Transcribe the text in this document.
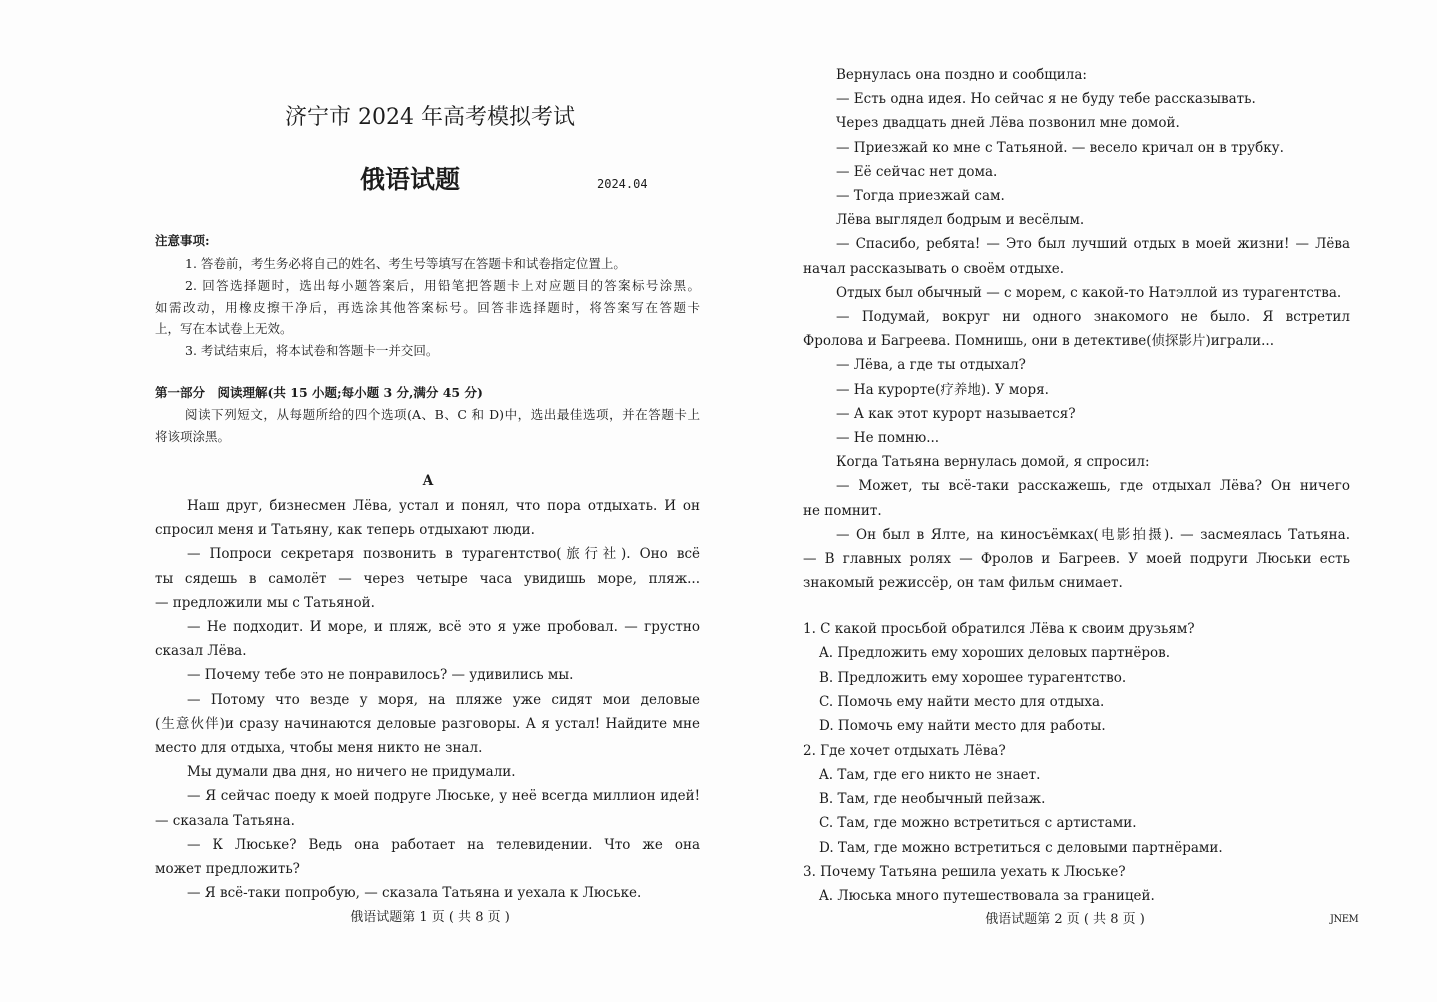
济宁市 2024 年高考模拟考试
俄语试题	2024.04
注意事项:
第一部分　阅读理解(共 15 小题;每小题 3 分,满分 45 分)
A
俄语试题第 1 页 ( 共 8 页 )	俄语试题第 2 页 ( 共 8 页 )	JNEM
1. 答卷前，考生务必将自己的姓名、考生号等填写在答题卡和试卷指定位置上。
2. 回答选择题时，选出每小题答案后，用铅笔把答题卡上对应题目的答案标号涂黑。
如需改动，用橡皮擦干净后，再选涂其他答案标号。回答非选择题时，将答案写在答题卡
上，写在本试卷上无效。
3. 考试结束后，将本试卷和答题卡一并交回。
阅读下列短文，从每题所给的四个选项(A、B、C 和 D)中，选出最佳选项，并在答题卡上
将该项涂黑。
Наш друг, бизнесмен Лёва, устал и понял, что пора отдыхать. И он
спросил меня и Татьяну, как теперь отдыхают люди.
— Попроси секретаря позвонить в турагентство(旅行社). Оно всё
ты сядешь в самолёт — через четыре часа увидишь море, пляж...
— предложили мы с Татьяной.
— Не подходит. И море, и пляж, всё это я уже пробовал. — грустно
сказал Лёва.
— Почему тебе это не понравилось? — удивились мы.
— Потому что везде у моря, на пляже уже сидят мои деловые
(生意伙伴)и сразу начинаются деловые разговоры. А я устал! Найдите мне
место для отдыха, чтобы меня никто не знал.
Мы думали два дня, но ничего не придумали.
— Я сейчас поеду к моей подруге Люське, у неё всегда миллион идей!
— сказала Татьяна.
— К Люське? Ведь она работает на телевидении. Что же она
может предложить?
— Я всё-таки попробую, — сказала Татьяна и уехала к Люське.
Вернулась она поздно и сообщила:
— Есть одна идея. Но сейчас я не буду тебе рассказывать.
Через двадцать дней Лёва позвонил мне домой.
— Приезжай ко мне с Татьяной. — весело кричал он в трубку.
— Её сейчас нет дома.
— Тогда приезжай сам.
Лёва выглядел бодрым и весёлым.
— Спасибо, ребята! — Это был лучший отдых в моей жизни! — Лёва
начал рассказывать о своём отдыхе.
Отдых был обычный — с морем, с какой-то Натэллой из турагентства.
— Подумай, вокруг ни одного знакомого не было. Я встретил
Фролова и Багреева. Помнишь, они в детективе(侦探影片)играли...
— Лёва, а где ты отдыхал?
— На курорте(疗养地). У моря.
— А как этот курорт называется?
— Не помню...
Когда Татьяна вернулась домой, я спросил:
— Может, ты всё-таки расскажешь, где отдыхал Лёва? Он ничего
не помнит.
— Он был в Ялте, на киносъёмках(电影拍摄). — засмеялась Татьяна.
— В главных ролях — Фролов и Багреев. У моей подруги Люськи есть
знакомый режиссёр, он там фильм снимает.
1. С какой просьбой обратился Лёва к своим друзьям?
A. Предложить ему хороших деловых партнёров.
B. Предложить ему хорошее турагентство.
C. Помочь ему найти место для отдыха.
D. Помочь ему найти место для работы.
2. Где хочет отдыхать Лёва?
A. Там, где его никто не знает.
B. Там, где необычный пейзаж.
C. Там, где можно встретиться с артистами.
D. Там, где можно встретиться с деловыми партнёрами.
3. Почему Татьяна решила уехать к Люське?
A. Люська много путешествовала за границей.
